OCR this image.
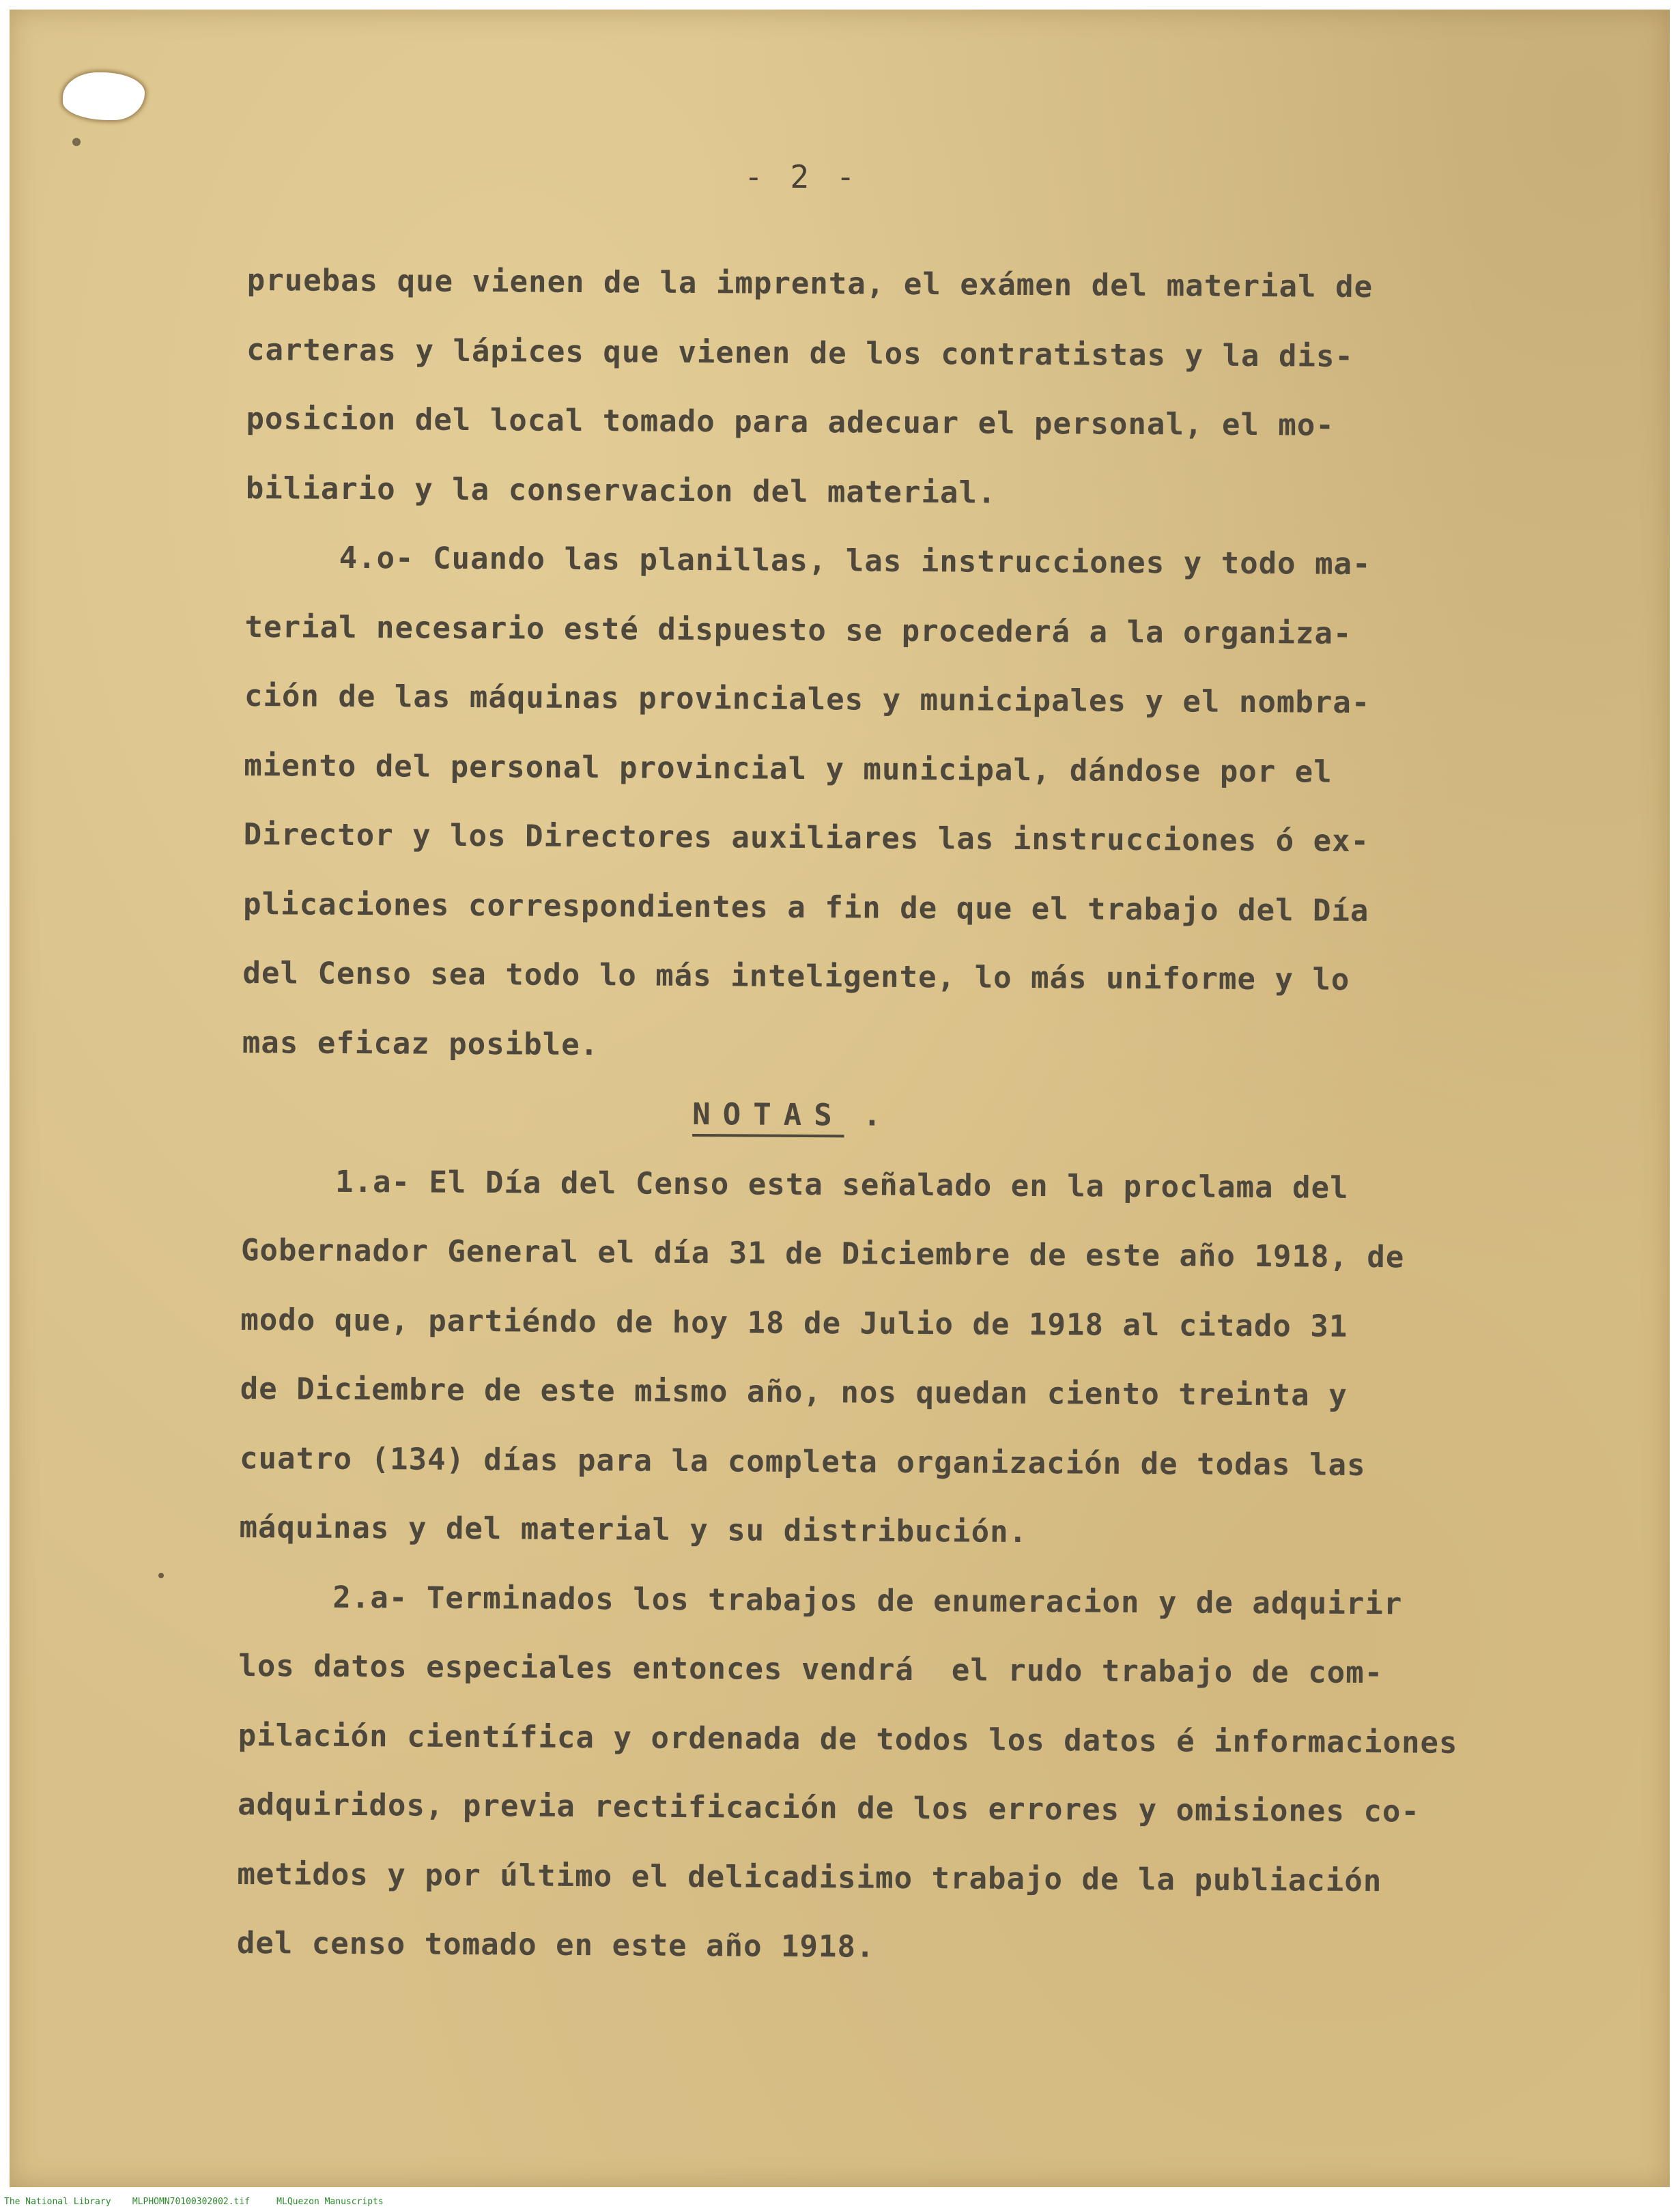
- 2 -
pruebas que vienen de la imprenta, el exámen del material de
carteras y lápices que vienen de los contratistas y la dis-
posicion del local tomado para adecuar el personal, el mo-
biliario y la conservacion del material.
4.o- Cuando las planillas, las instrucciones y todo ma-
terial necesario esté dispuesto se procederá a la organiza-
ción de las máquinas provinciales y municipales y el nombra-
miento del personal provincial y municipal, dándose por el
Director y los Directores auxiliares las instrucciones ó ex-
plicaciones correspondientes a fin de que el trabajo del Día
del Censo sea todo lo más inteligente, lo más uniforme y lo
mas eficaz posible.
NOTAS .
1.a- El Día del Censo esta señalado en la proclama del
Gobernador General el día 31 de Diciembre de este año 1918, de
modo que, partiéndo de hoy 18 de Julio de 1918 al citado 31
de Diciembre de este mismo año, nos quedan ciento treinta y
cuatro (134) días para la completa organización de todas las
máquinas y del material y su distribución.
2.a- Terminados los trabajos de enumeracion y de adquirir
los datos especiales entonces vendrá  el rudo trabajo de com-
pilación científica y ordenada de todos los datos é informaciones
adquiridos, previa rectificación de los errores y omisiones co-
metidos y por último el delicadisimo trabajo de la publiación
del censo tomado en este año 1918.
The National Library    MLPHOMN70100302002.tif     MLQuezon Manuscripts
